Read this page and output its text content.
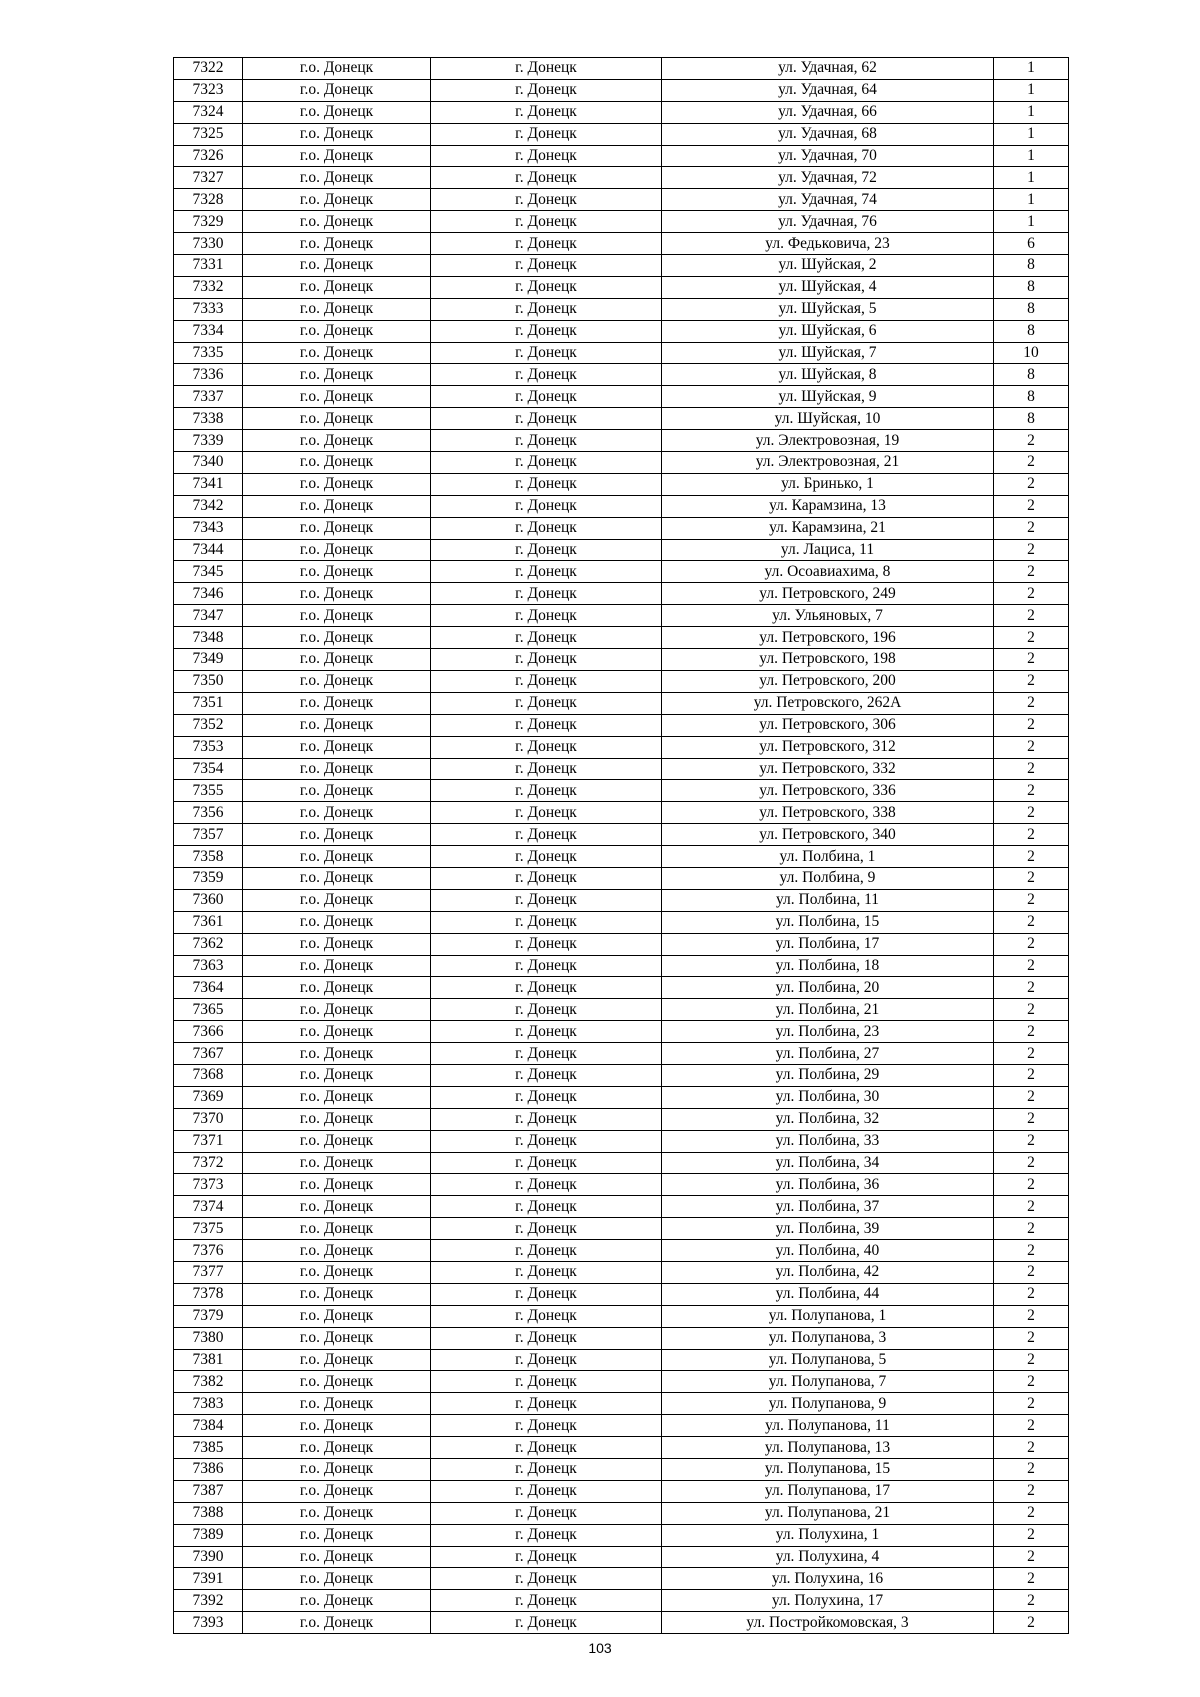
7322	г.о. Донецк	г. Донецк	ул. Удачная, 62	1
7323	г.о. Донецк	г. Донецк	ул. Удачная, 64	1
7324	г.о. Донецк	г. Донецк	ул. Удачная, 66	1
7325	г.о. Донецк	г. Донецк	ул. Удачная, 68	1
7326	г.о. Донецк	г. Донецк	ул. Удачная, 70	1
7327	г.о. Донецк	г. Донецк	ул. Удачная, 72	1
7328	г.о. Донецк	г. Донецк	ул. Удачная, 74	1
7329	г.о. Донецк	г. Донецк	ул. Удачная, 76	1
7330	г.о. Донецк	г. Донецк	ул. Федьковича, 23	6
7331	г.о. Донецк	г. Донецк	ул. Шуйская, 2	8
7332	г.о. Донецк	г. Донецк	ул. Шуйская, 4	8
7333	г.о. Донецк	г. Донецк	ул. Шуйская, 5	8
7334	г.о. Донецк	г. Донецк	ул. Шуйская, 6	8
7335	г.о. Донецк	г. Донецк	ул. Шуйская, 7	10
7336	г.о. Донецк	г. Донецк	ул. Шуйская, 8	8
7337	г.о. Донецк	г. Донецк	ул. Шуйская, 9	8
7338	г.о. Донецк	г. Донецк	ул. Шуйская, 10	8
7339	г.о. Донецк	г. Донецк	ул. Электровозная, 19	2
7340	г.о. Донецк	г. Донецк	ул. Электровозная, 21	2
7341	г.о. Донецк	г. Донецк	ул. Бринько, 1	2
7342	г.о. Донецк	г. Донецк	ул. Карамзина, 13	2
7343	г.о. Донецк	г. Донецк	ул. Карамзина, 21	2
7344	г.о. Донецк	г. Донецк	ул. Лациса, 11	2
7345	г.о. Донецк	г. Донецк	ул. Осоавиахима, 8	2
7346	г.о. Донецк	г. Донецк	ул. Петровского, 249	2
7347	г.о. Донецк	г. Донецк	ул. Ульяновых, 7	2
7348	г.о. Донецк	г. Донецк	ул. Петровского, 196	2
7349	г.о. Донецк	г. Донецк	ул. Петровского, 198	2
7350	г.о. Донецк	г. Донецк	ул. Петровского, 200	2
7351	г.о. Донецк	г. Донецк	ул. Петровского, 262А	2
7352	г.о. Донецк	г. Донецк	ул. Петровского, 306	2
7353	г.о. Донецк	г. Донецк	ул. Петровского, 312	2
7354	г.о. Донецк	г. Донецк	ул. Петровского, 332	2
7355	г.о. Донецк	г. Донецк	ул. Петровского, 336	2
7356	г.о. Донецк	г. Донецк	ул. Петровского, 338	2
7357	г.о. Донецк	г. Донецк	ул. Петровского, 340	2
7358	г.о. Донецк	г. Донецк	ул. Полбина, 1	2
7359	г.о. Донецк	г. Донецк	ул. Полбина, 9	2
7360	г.о. Донецк	г. Донецк	ул. Полбина, 11	2
7361	г.о. Донецк	г. Донецк	ул. Полбина, 15	2
7362	г.о. Донецк	г. Донецк	ул. Полбина, 17	2
7363	г.о. Донецк	г. Донецк	ул. Полбина, 18	2
7364	г.о. Донецк	г. Донецк	ул. Полбина, 20	2
7365	г.о. Донецк	г. Донецк	ул. Полбина, 21	2
7366	г.о. Донецк	г. Донецк	ул. Полбина, 23	2
7367	г.о. Донецк	г. Донецк	ул. Полбина, 27	2
7368	г.о. Донецк	г. Донецк	ул. Полбина, 29	2
7369	г.о. Донецк	г. Донецк	ул. Полбина, 30	2
7370	г.о. Донецк	г. Донецк	ул. Полбина, 32	2
7371	г.о. Донецк	г. Донецк	ул. Полбина, 33	2
7372	г.о. Донецк	г. Донецк	ул. Полбина, 34	2
7373	г.о. Донецк	г. Донецк	ул. Полбина, 36	2
7374	г.о. Донецк	г. Донецк	ул. Полбина, 37	2
7375	г.о. Донецк	г. Донецк	ул. Полбина, 39	2
7376	г.о. Донецк	г. Донецк	ул. Полбина, 40	2
7377	г.о. Донецк	г. Донецк	ул. Полбина, 42	2
7378	г.о. Донецк	г. Донецк	ул. Полбина, 44	2
7379	г.о. Донецк	г. Донецк	ул. Полупанова, 1	2
7380	г.о. Донецк	г. Донецк	ул. Полупанова, 3	2
7381	г.о. Донецк	г. Донецк	ул. Полупанова, 5	2
7382	г.о. Донецк	г. Донецк	ул. Полупанова, 7	2
7383	г.о. Донецк	г. Донецк	ул. Полупанова, 9	2
7384	г.о. Донецк	г. Донецк	ул. Полупанова, 11	2
7385	г.о. Донецк	г. Донецк	ул. Полупанова, 13	2
7386	г.о. Донецк	г. Донецк	ул. Полупанова, 15	2
7387	г.о. Донецк	г. Донецк	ул. Полупанова, 17	2
7388	г.о. Донецк	г. Донецк	ул. Полупанова, 21	2
7389	г.о. Донецк	г. Донецк	ул. Полухина, 1	2
7390	г.о. Донецк	г. Донецк	ул. Полухина, 4	2
7391	г.о. Донецк	г. Донецк	ул. Полухина, 16	2
7392	г.о. Донецк	г. Донецк	ул. Полухина, 17	2
7393	г.о. Донецк	г. Донецк	ул. Постройкомовская, 3	2
103
